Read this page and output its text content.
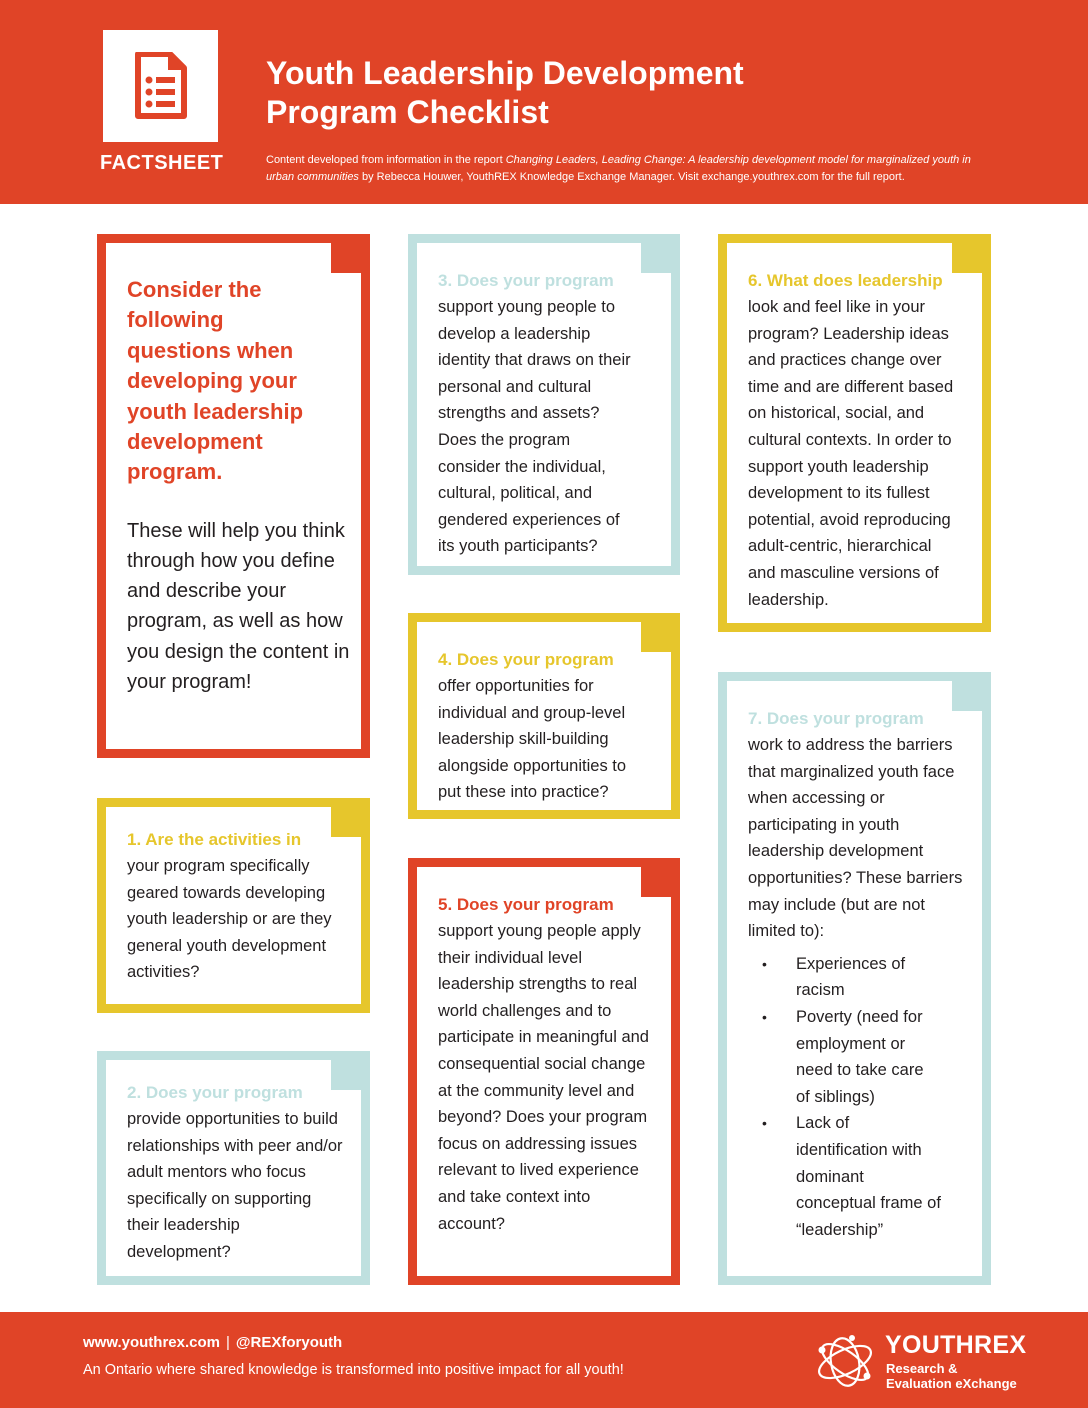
FACTSHEET
Youth Leadership Development
Program Checklist

Content developed from information in the report Changing Leaders, Leading Change: A leadership development model for marginalized youth in urban communities by Rebecca Houwer, YouthREX Knowledge Exchange Manager. Visit exchange.youthrex.com for the full report.

Consider the following questions when developing your youth leadership development program.

These will help you think through how you define and describe your program, as well as how you design the content in your program!

1. Are the activities in

your program specifically geared towards developing youth leadership or are they general youth development activities?

2. Does your program

provide opportunities to build relationships with peer and/or adult mentors who focus specifically on supporting their leadership development?

3. Does your program

support young people to develop a leadership identity that draws on their personal and cultural strengths and assets? Does the program consider the individual, cultural, political, and gendered experiences of its youth participants?

4. Does your program

offer opportunities for individual and group-level leadership skill-building alongside opportunities to put these into practice?

5. Does your program

support young people apply their individual level leadership strengths to real world challenges and to participate in meaningful and consequential social change at the community level and beyond? Does your program focus on addressing issues relevant to lived experience and take context into account?

6. What does leadership

look and feel like in your program? Leadership ideas and practices change over time and are different based on historical, social, and cultural contexts. In order to support youth leadership development to its fullest potential, avoid reproducing adult-centric, hierarchical and masculine versions of leadership.

7. Does your program

work to address the barriers that marginalized youth face when accessing or participating in youth leadership development opportunities? These barriers may include (but are not limited to):

• Experiences of racism
• Poverty (need for employment or need to take care of siblings)
• Lack of identification with dominant conceptual frame of “leadership”

www.youthrex.com | @REXforyouth

An Ontario where shared knowledge is transformed into positive impact for all youth!

YOUTHREX

Research &
Evaluation eXchange
